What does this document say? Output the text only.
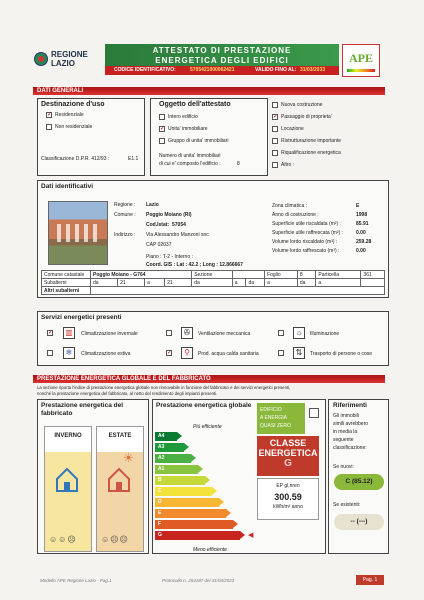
REGIONE LAZIO
ATTESTATO DI PRESTAZIONE
ENERGETICA DEGLI EDIFICI
CODICE IDENTIFICATIVO:	5705421000062421	VALIDO FINO AL: 31/03/2033
APE
DATI GENERALI
Destinazione d'uso
✓ Residenziale
Non residenziale
Classificazione D.P.R. 412/93 :	E1.1
Oggetto dell'attestato
Intero edificio
✓ Unita' immobiliare
Gruppo di unita' immobiliari
Numero di unita' immobiliari
di cui e' composto l'edificio :	8
Nuova costruzione
✓ Passaggio di proprieta'
Locazione
Ristrutturazione importante
Riqualificazione energetica
Altro :
Dati identificativi
Regione : Lazio
Comune : Poggio Moiano (RI)
Cod.Istat: 57054
Indirizzo : Via Alessandro Manzoni snc
CAP 02037
Piano : T-2 - Interno :
Coord. GIS : Lat : 42.2 ; Long : 12.866667
Zona climatica :	E
Anno di costruzione :	1998
Superficie utile riscaldata (m²) :	85.91
Superficie utile raffrescata (m²) :	0.00
Volume lordo riscaldato (m³) :	259.28
Volume lordo raffrescato (m³) :	0.00
Comune catastale	Poggio Moiano - G764				Sezione			Foglio	8	Particella	361
Subalterni	da	21	a	21	da	a	da	a	da	a	
Altri subalterni											
Servizi energetici presenti
✓ ▥	Climatizzazione invernale
❄	Climatizzazione estiva
✇	Ventilazione meccanica
✓	⚲	Prod. acqua calda sanitaria
☼	Illuminazione
⇅	Trasporto di persone o cose
PRESTAZIONE ENERGETICA GLOBALE E DEL FABBRICATO
La sezione riporta l'indice di prestazione energetica globale non rinnovabile in funzione del fabbricato e dei servizi energetici presenti,
nonché la prestazione energetica del fabbricato, al netto del rendimento degli impianti presenti.
Prestazione energetica del
fabbricato
INVERNO
☺☺☹
ESTATE
☀
☺☹☹
Prestazione energetica globale
Più efficiente
A4
A3
A2
A1
B
C
D
E
F
G	◀
Meno efficiente
EDIFICIO
A ENERGIA
QUASI ZERO
CLASSE
ENERGETICA
G
EP gl,nren
300.59
kWh/m² anno
Riferimenti
Gli immobili
simili avrebbero
in media la
seguente
classificazione:
Se nuovi:
C (85.12)
Se esistenti:
-- (---)
Modello APE Regione Lazio - Pag.1	Protocollo n. 254187 del 31/03/2023	Pag. 1
